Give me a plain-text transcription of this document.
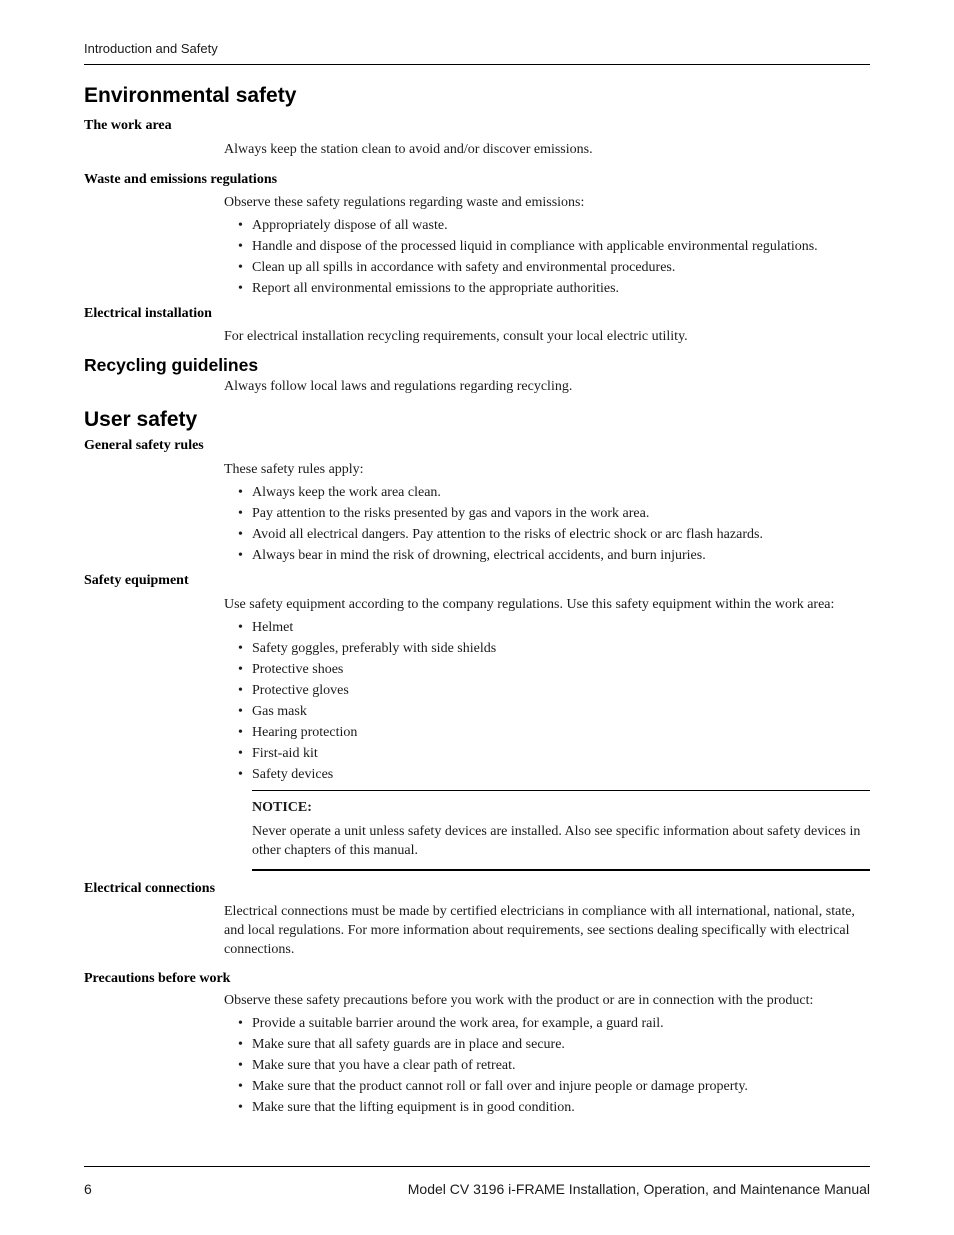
Introduction and Safety
Environmental safety
The work area

Always keep the station clean to avoid and/or discover emissions.

Waste and emissions regulations

Observe these safety regulations regarding waste and emissions:

• Appropriately dispose of all waste.
• Handle and dispose of the processed liquid in compliance with applicable environmental regulations.
• Clean up all spills in accordance with safety and environmental procedures.
• Report all environmental emissions to the appropriate authorities.
Electrical installation

For electrical installation recycling requirements, consult your local electric utility.

Recycling guidelines

Always follow local laws and regulations regarding recycling.

User safety
General safety rules

These safety rules apply:

• Always keep the work area clean.
• Pay attention to the risks presented by gas and vapors in the work area.
• Avoid all electrical dangers. Pay attention to the risks of electric shock or arc flash hazards.
• Always bear in mind the risk of drowning, electrical accidents, and burn injuries.
Safety equipment

Use safety equipment according to the company regulations. Use this safety equipment within the work area:

• Helmet
• Safety goggles, preferably with side shields
• Protective shoes
• Protective gloves
• Gas mask
• Hearing protection
• First-aid kit
• Safety devices
NOTICE:
Never operate a unit unless safety devices are installed. Also see specific information about safety devices in other chapters of this manual.
Electrical connections

Electrical connections must be made by certified electricians in compliance with all international, national, state, and local regulations. For more information about requirements, see sections dealing specifically with electrical connections.

Precautions before work

Observe these safety precautions before you work with the product or are in connection with the product:

• Provide a suitable barrier around the work area, for example, a guard rail.
• Make sure that all safety guards are in place and secure.
• Make sure that you have a clear path of retreat.
• Make sure that the product cannot roll or fall over and injure people or damage property.
• Make sure that the lifting equipment is in good condition.
6	Model CV 3196 i-FRAME Installation, Operation, and Maintenance Manual
